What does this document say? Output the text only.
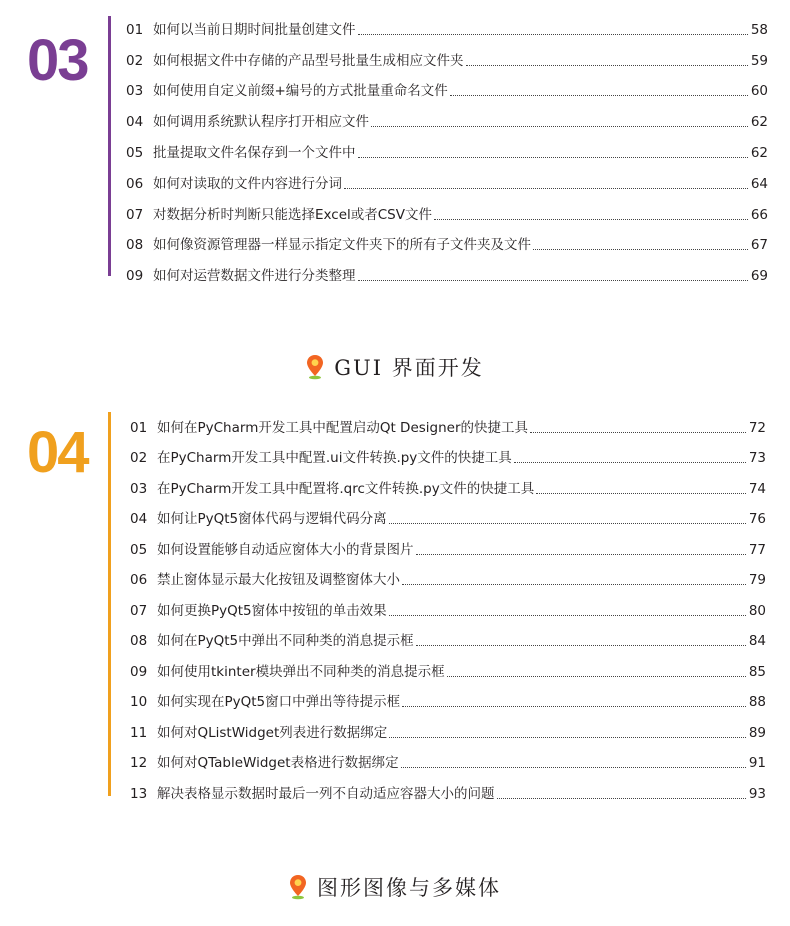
03	01 如何以当前日期时间批量创建文件	58
02 如何根据文件中存储的产品型号批量生成相应文件夹	59
03 如何使用自定义前缀+编号的方式批量重命名文件	60
04 如何调用系统默认程序打开相应文件	62
05 批量提取文件名保存到一个文件中	62
06 如何对读取的文件内容进行分词	64
07 对数据分析时判断只能选择Excel或者CSV文件	66
08 如何像资源管理器一样显示指定文件夹下的所有子文件夹及文件	67
09 如何对运营数据文件进行分类整理	69
GUI 界面开发
04	01 如何在PyCharm开发工具中配置启动Qt Designer的快捷工具	72
02 在PyCharm开发工具中配置.ui文件转换.py文件的快捷工具	73
03 在PyCharm开发工具中配置将.qrc文件转换.py文件的快捷工具	74
04 如何让PyQt5窗体代码与逻辑代码分离	76
05 如何设置能够自动适应窗体大小的背景图片	77
06 禁止窗体显示最大化按钮及调整窗体大小	79
07 如何更换PyQt5窗体中按钮的单击效果	80
08 如何在PyQt5中弹出不同种类的消息提示框	84
09 如何使用tkinter模块弹出不同种类的消息提示框	85
10 如何实现在PyQt5窗口中弹出等待提示框	88
11 如何对QListWidget列表进行数据绑定	89
12 如何对QTableWidget表格进行数据绑定	91
13 解决表格显示数据时最后一列不自动适应容器大小的问题	93
图形图像与多媒体
